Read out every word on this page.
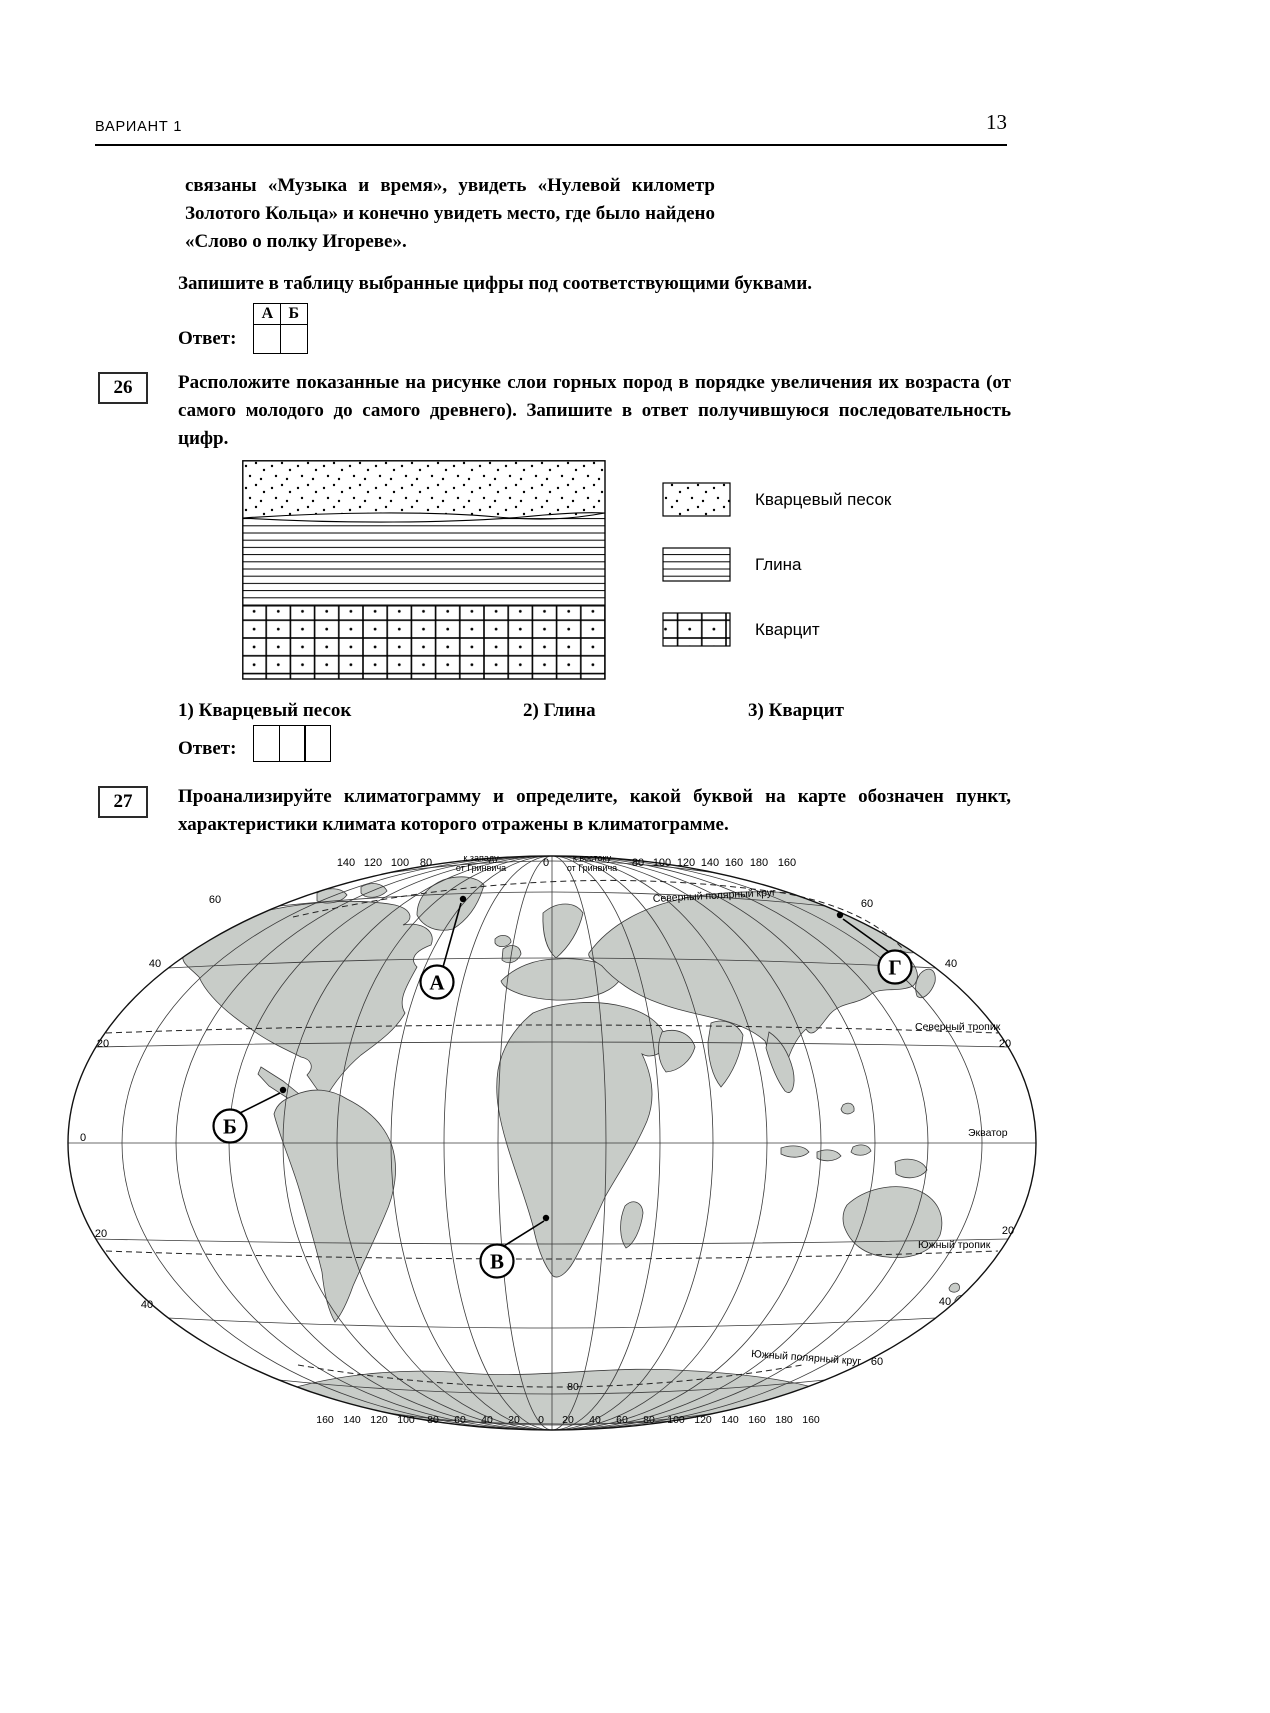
ВАРИАНТ 1	13
связаны «Музыка и время», увидеть «Нулевой километр Золотого Кольца» и конечно увидеть место, где было найдено «Слово о полку Игореве».
Запишите в таблицу выбранные цифры под соответствующими буквами.
Ответ:
А Б
26	Расположите показанные на рисунке слои горных пород в порядке увеличения их возраста (от самого молодого до самого древнего). Запишите в ответ получившуюся последовательность цифр.
Кварцевый песок
Глина
Кварцит
1) Кварцевый песок	2) Глина	3) Кварцит
Ответ:
27	Проанализируйте климатограмму и определите, какой буквой на карте обозначен пункт, характеристики климата которого отражены в климатограмме.
140 120 100 80	к западу
от Гринвича	0	к востоку
от Гринвича 80 100 120 140 160 180 160
160 140 120 100 80 60 40 20 0 20 40 60 80 100 120 140 160 180 160
80
60
40
20
0
20
40
60
40
20
20
40
60
Северный полярный круг
Северный тропик
Экватор
Южный тропик
Южный полярный круг
А
Б
В
Г
